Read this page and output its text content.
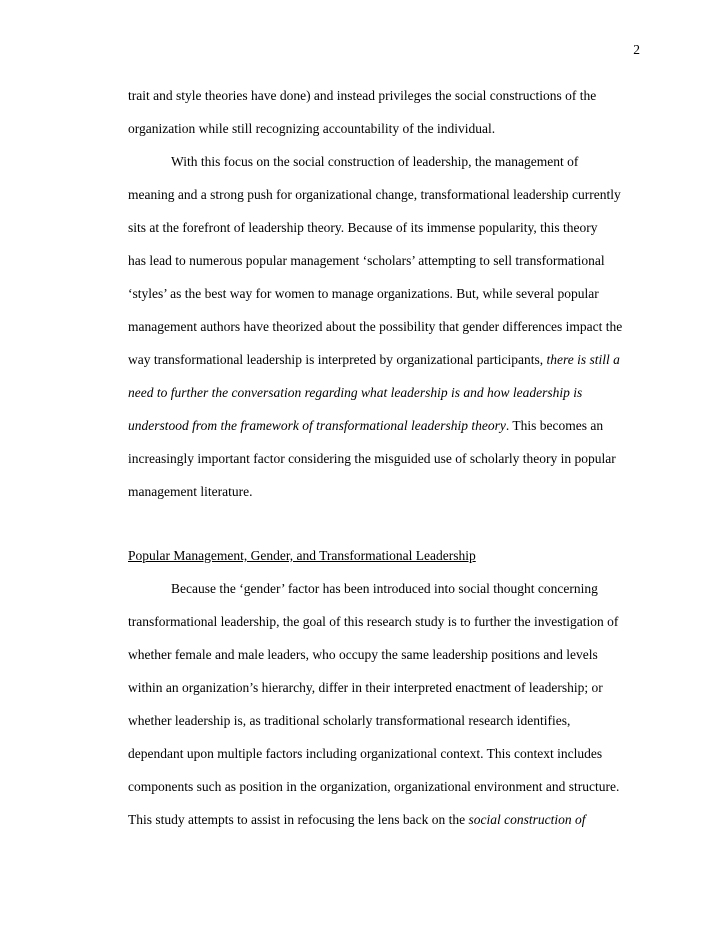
2
trait and style theories have done) and instead privileges the social constructions of the
organization while still recognizing accountability of the individual.
With this focus on the social construction of leadership, the management of
meaning and a strong push for organizational change, transformational leadership currently
sits at the forefront of leadership theory. Because of its immense popularity, this theory
has lead to numerous popular management ‘scholars’ attempting to sell transformational
‘styles’ as the best way for women to manage organizations. But, while several popular
management authors have theorized about the possibility that gender differences impact the
way transformational leadership is interpreted by organizational participants, there is still a
need to further the conversation regarding what leadership is and how leadership is
understood from the framework of transformational leadership theory. This becomes an
increasingly important factor considering the misguided use of scholarly theory in popular
management literature.
Popular Management, Gender, and Transformational Leadership
Because the ‘gender’ factor has been introduced into social thought concerning
transformational leadership, the goal of this research study is to further the investigation of
whether female and male leaders, who occupy the same leadership positions and levels
within an organization’s hierarchy, differ in their interpreted enactment of leadership; or
whether leadership is, as traditional scholarly transformational research identifies,
dependant upon multiple factors including organizational context. This context includes
components such as position in the organization, organizational environment and structure.
This study attempts to assist in refocusing the lens back on the social construction of
